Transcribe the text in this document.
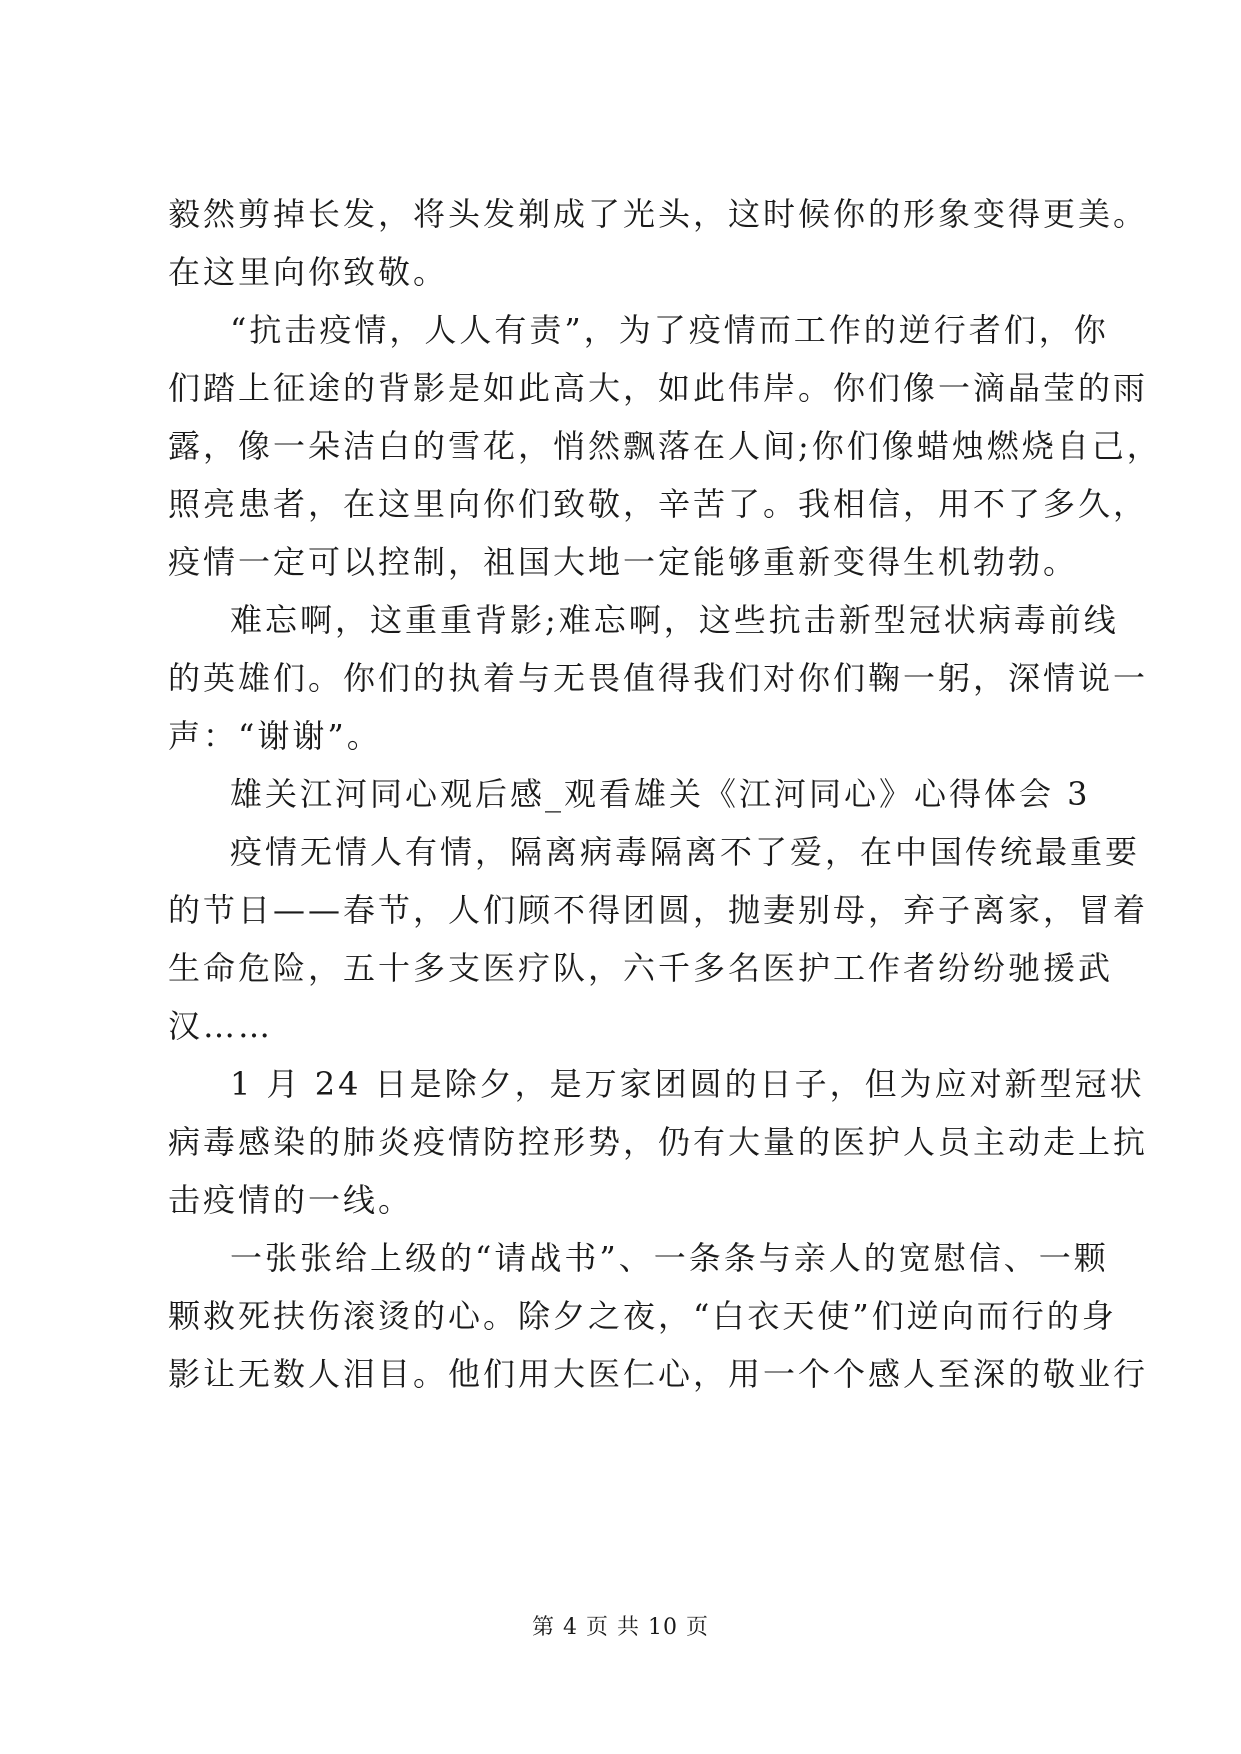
毅然剪掉长发，将头发剃成了光头，这时候你的形象变得更美。
在这里向你致敬。
“抗击疫情，人人有责”，为了疫情而工作的逆行者们，你
们踏上征途的背影是如此高大，如此伟岸。你们像一滴晶莹的雨
露，像一朵洁白的雪花，悄然飘落在人间;你们像蜡烛燃烧自己，
照亮患者，在这里向你们致敬，辛苦了。我相信，用不了多久，
疫情一定可以控制，祖国大地一定能够重新变得生机勃勃。
难忘啊，这重重背影;难忘啊，这些抗击新型冠状病毒前线
的英雄们。你们的执着与无畏值得我们对你们鞠一躬，深情说一
声：“谢谢”。
雄关江河同心观后感_观看雄关《江河同心》心得体会 3
疫情无情人有情，隔离病毒隔离不了爱，在中国传统最重要
的节日——春节，人们顾不得团圆，抛妻别母，弃子离家，冒着
生命危险，五十多支医疗队，六千多名医护工作者纷纷驰援武
汉……
1 月 24 日是除夕，是万家团圆的日子，但为应对新型冠状
病毒感染的肺炎疫情防控形势，仍有大量的医护人员主动走上抗
击疫情的一线。
一张张给上级的“请战书”、一条条与亲人的宽慰信、一颗
颗救死扶伤滚烫的心。除夕之夜，“白衣天使”们逆向而行的身
影让无数人泪目。他们用大医仁心，用一个个感人至深的敬业行
第 4 页 共 10 页
